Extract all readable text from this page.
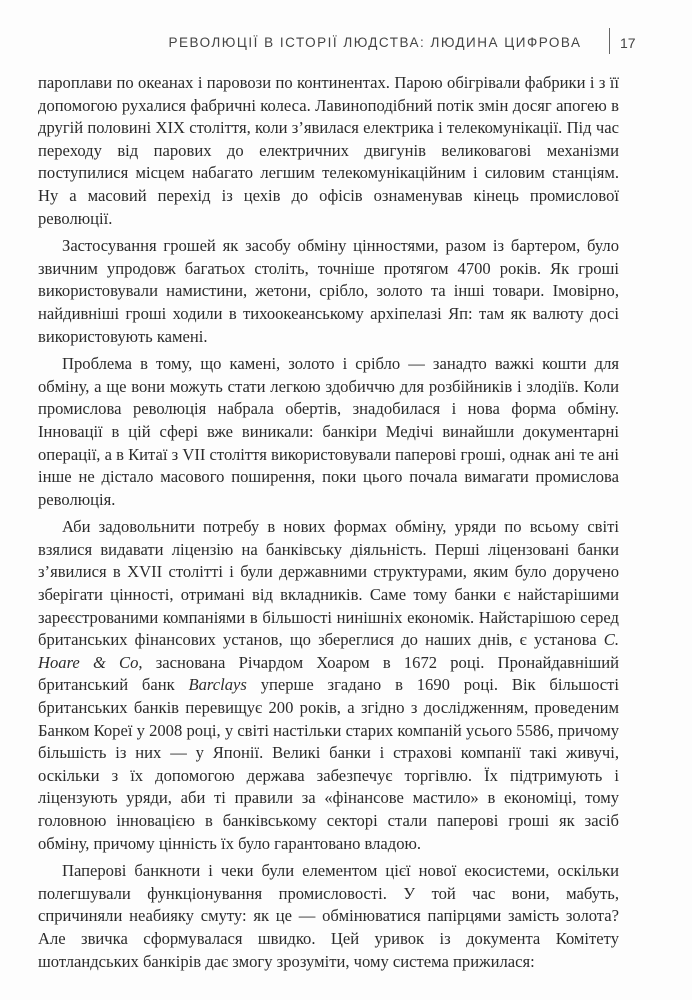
РЕВОЛЮЦІЇ В ІСТОРІЇ ЛЮДСТВА: ЛЮДИНА ЦИФРОВА	17

пароплави по океанах і паровози по континентах. Парою обігрівали фабрики і з її допомогою рухалися фабричні колеса. Лавиноподібний потік змін досяг апогею в другій половині XIX століття, коли з’явилася електрика і телекомунікації. Під час переходу від парових до електричних двигунів великовагові механізми поступилися місцем набагато легшим телекомунікаційним і силовим станціям. Ну а масовий перехід із цехів до офісів ознаменував кінець промислової революції.

Застосування грошей як засобу обміну цінностями, разом із бартером, було звичним упродовж багатьох століть, точніше протягом 4700 років. Як гроші використовували намистини, жетони, срібло, золото та інші товари. Імовірно, найдивніші гроші ходили в тихоокеанському архіпелазі Яп: там як валюту досі використовують камені.

Проблема в тому, що камені, золото і срібло — занадто важкі кошти для обміну, а ще вони можуть стати легкою здобиччю для розбійників і злодіїв. Коли промислова революція набрала обертів, знадобилася і нова форма обміну. Інновації в цій сфері вже виникали: банкіри Медічі винайшли документарні операції, а в Китаї з VII століття використовували паперові гроші, однак ані те ані інше не дістало масового поширення, поки цього почала вимагати промислова революція.

Аби задовольнити потребу в нових формах обміну, уряди по всьому світі взялися видавати ліцензію на банківську діяльність. Перші ліцензовані банки з’явилися в XVII столітті і були державними структурами, яким було доручено зберігати цінності, отримані від вкладників. Саме тому банки є найстарішими зареєстрованими компаніями в більшості нинішніх економік. Найстарішою серед британських фінансових установ, що збереглися до наших днів, є установа C. Hoare & Co, заснована Річардом Хоаром в 1672 році. Пронайдавніший британський банк Barclays уперше згадано в 1690 році. Вік більшості британських банків перевищує 200 років, а згідно з дослідженням, проведеним Банком Кореї у 2008 році, у світі настільки старих компаній усього 5586, причому більшість із них — у Японії. Великі банки і страхові компанії такі живучі, оскільки з їх допомогою держава забезпечує торгівлю. Їх підтримують і ліцензують уряди, аби ті правили за «фінансове мастило» в економіці, тому головною інновацією в банківському секторі стали паперові гроші як засіб обміну, причому цінність їх було гарантовано владою.

Паперові банкноти і чеки були елементом цієї нової екосистеми, оскільки полегшували функціонування промисловості. У той час вони, мабуть, спричиняли неабияку смуту: як це — обмінюватися папірцями замість золота? Але звичка сформувалася швидко. Цей уривок із документа Комітету шотландських банкірів дає змогу зрозуміти, чому система прижилася:
